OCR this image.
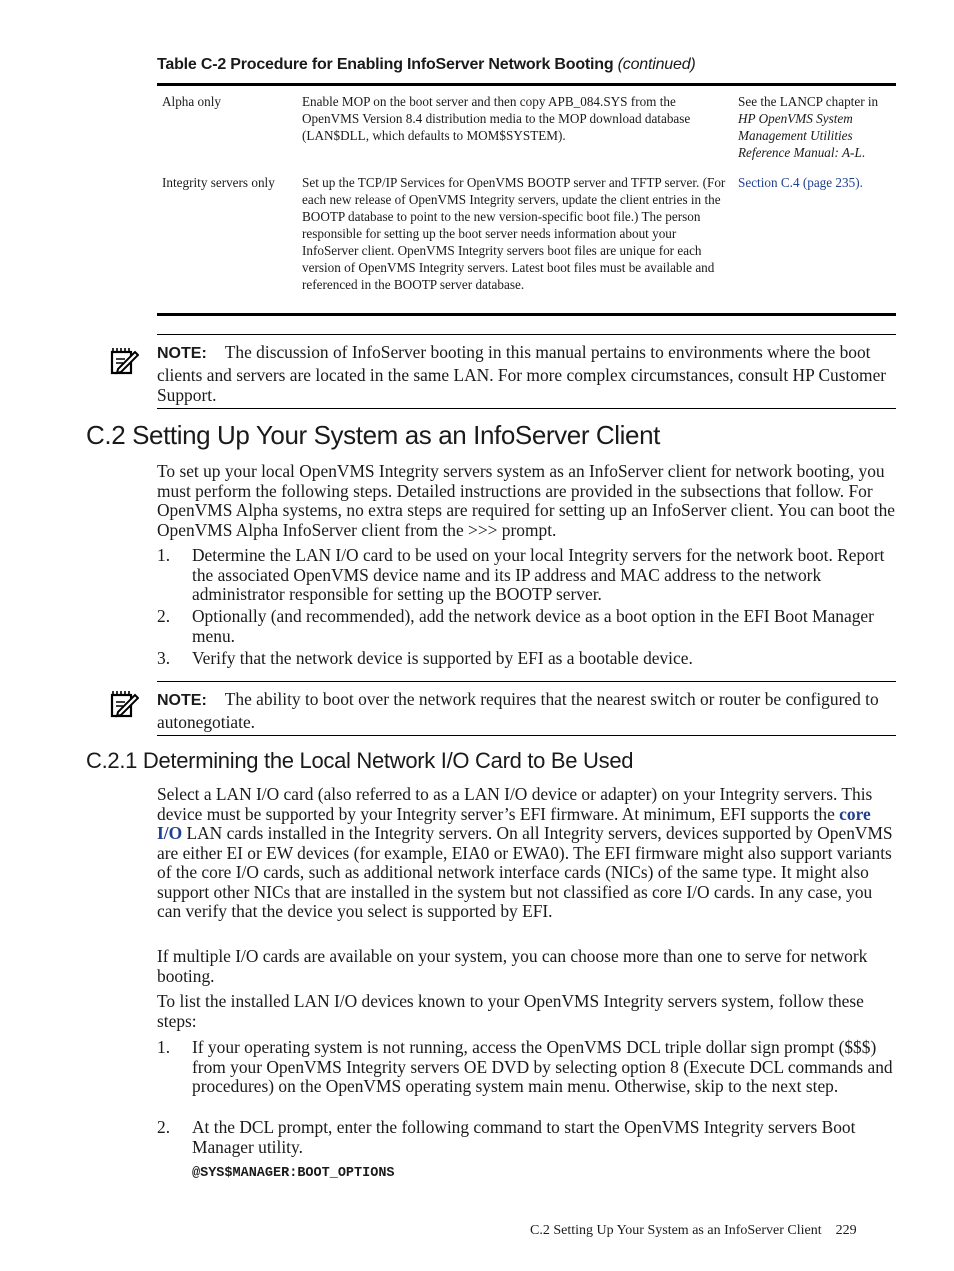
Table C-2 Procedure for Enabling InfoServer Network Booting (continued)
Alpha only	Enable MOP on the boot server and then copy APB_084.SYS from the OpenVMS Version 8.4 distribution media to the MOP download database (LAN$DLL, which defaults to MOM$SYSTEM).
See the LANCP chapter in HP OpenVMS System Management Utilities Reference Manual: A-L.
Integrity servers only	Set up the TCP/IP Services for OpenVMS BOOTP server and TFTP server. (For each new release of OpenVMS Integrity servers, update the client entries in the BOOTP database to point to the new version-specific boot file.) The person responsible for setting up the boot server needs information about your InfoServer client. OpenVMS Integrity servers boot files are unique for each version of OpenVMS Integrity servers. Latest boot files must be available and referenced in the BOOTP server database.
Section C.4 (page 235).
NOTE: The discussion of InfoServer booting in this manual pertains to environments where the boot clients and servers are located in the same LAN. For more complex circumstances, consult HP Customer Support.
C.2 Setting Up Your System as an InfoServer Client
To set up your local OpenVMS Integrity servers system as an InfoServer client for network booting, you must perform the following steps. Detailed instructions are provided in the subsections that follow. For OpenVMS Alpha systems, no extra steps are required for setting up an InfoServer client. You can boot the OpenVMS Alpha InfoServer client from the >>> prompt.
1. Determine the LAN I/O card to be used on your local Integrity servers for the network boot. Report the associated OpenVMS device name and its IP address and MAC address to the network administrator responsible for setting up the BOOTP server.
2. Optionally (and recommended), add the network device as a boot option in the EFI Boot Manager menu.
3. Verify that the network device is supported by EFI as a bootable device.
NOTE: The ability to boot over the network requires that the nearest switch or router be configured to autonegotiate.
C.2.1 Determining the Local Network I/O Card to Be Used
Select a LAN I/O card (also referred to as a LAN I/O device or adapter) on your Integrity servers. This device must be supported by your Integrity server’s EFI firmware. At minimum, EFI supports the core I/O LAN cards installed in the Integrity servers. On all Integrity servers, devices supported by OpenVMS are either EI or EW devices (for example, EIA0 or EWA0). The EFI firmware might also support variants of the core I/O cards, such as additional network interface cards (NICs) of the same type. It might also support other NICs that are installed in the system but not classified as core I/O cards. In any case, you can verify that the device you select is supported by EFI.
If multiple I/O cards are available on your system, you can choose more than one to serve for network booting.
To list the installed LAN I/O devices known to your OpenVMS Integrity servers system, follow these steps:
1. If your operating system is not running, access the OpenVMS DCL triple dollar sign prompt ($$$) from your OpenVMS Integrity servers OE DVD by selecting option 8 (Execute DCL commands and procedures) on the OpenVMS operating system main menu. Otherwise, skip to the next step.
2. At the DCL prompt, enter the following command to start the OpenVMS Integrity servers Boot Manager utility.
@SYS$MANAGER:BOOT_OPTIONS
C.2 Setting Up Your System as an InfoServer Client 229
